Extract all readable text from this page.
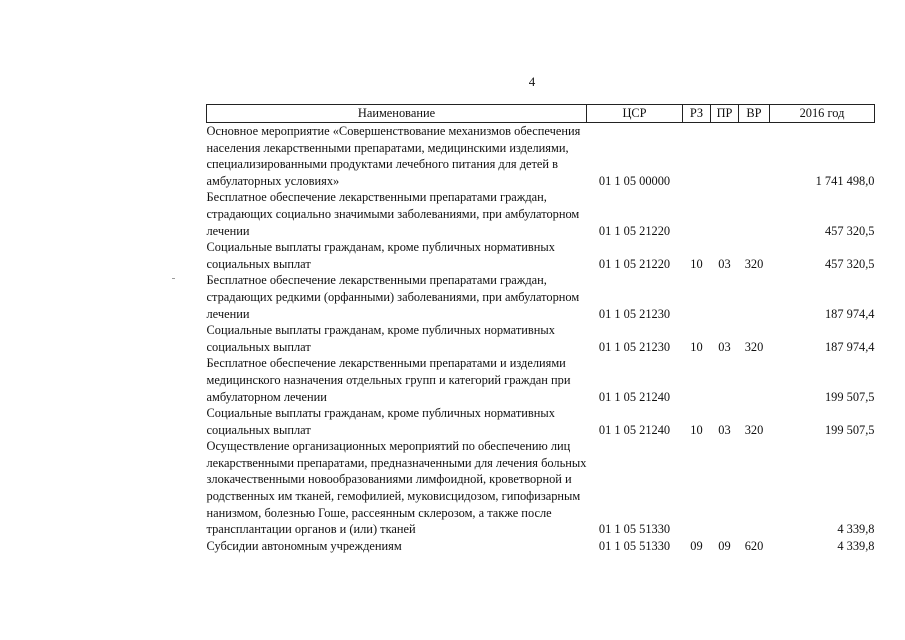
4
Наименование	ЦСР	РЗ	ПР	ВР	2016 год
Основное мероприятие «Совершенствование механизмов обеспечения населения лекарственными препаратами, медицинскими изделиями, специализированными продуктами лечебного питания для детей в амбулаторных условиях»	01 1 05 00000				1 741 498,0
Бесплатное обеспечение лекарственными препаратами граждан, страдающих социально значимыми заболеваниями, при амбулаторном лечении	01 1 05 21220				457 320,5
Социальные выплаты гражданам, кроме публичных нормативных социальных выплат	01 1 05 21220	10	03	320	457 320,5
Бесплатное обеспечение лекарственными препаратами граждан, страдающих редкими (орфанными) заболеваниями, при амбулаторном лечении	01 1 05 21230				187 974,4
Социальные выплаты гражданам, кроме публичных нормативных социальных выплат	01 1 05 21230	10	03	320	187 974,4
Бесплатное обеспечение лекарственными препаратами и изделиями медицинского назначения отдельных групп и категорий граждан при амбулаторном лечении	01 1 05 21240				199 507,5
Социальные выплаты гражданам, кроме публичных нормативных социальных выплат	01 1 05 21240	10	03	320	199 507,5
Осуществление организационных мероприятий по обеспечению лиц лекарственными препаратами, предназначенными для лечения больных злокачественными новообразованиями лимфоидной, кроветворной и родственных им тканей, гемофилией, муковисцидозом, гипофизарным нанизмом, болезнью Гоше, рассеянным склерозом, а также после трансплантации органов и (или) тканей	01 1 05 51330				4 339,8
Субсидии автономным учреждениям	01 1 05 51330	09	09	620	4 339,8
